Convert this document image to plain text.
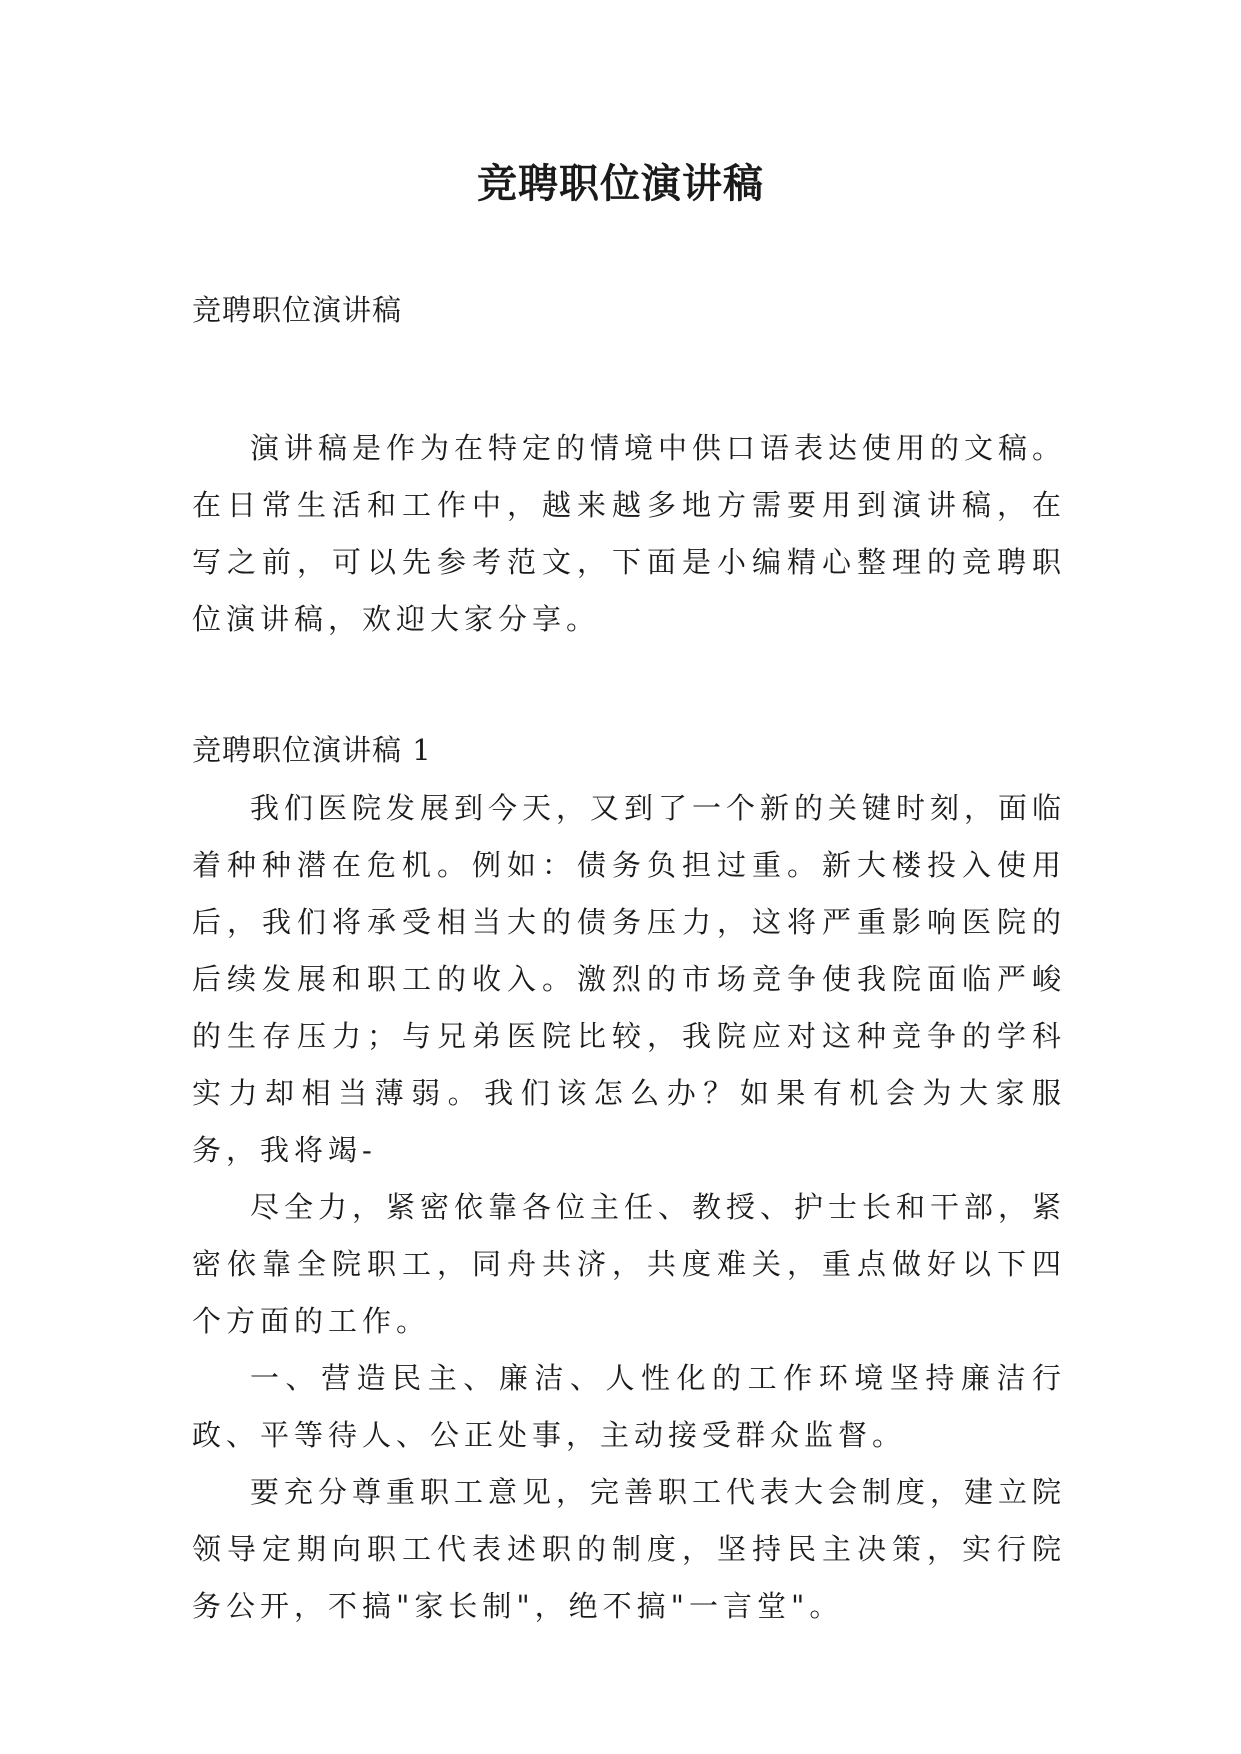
竞聘职位演讲稿

竞聘职位演讲稿

演讲稿是作为在特定的情境中供口语表达使用的文稿。在日常生活和工作中，越来越多地方需要用到演讲稿，在写之前，可以先参考范文，下面是小编精心整理的竞聘职位演讲稿，欢迎大家分享。

竞聘职位演讲稿 1

我们医院发展到今天，又到了一个新的关键时刻，面临着种种潜在危机。例如：债务负担过重。新大楼投入使用后，我们将承受相当大的债务压力，这将严重影响医院的后续发展和职工的收入。激烈的市场竞争使我院面临严峻的生存压力；与兄弟医院比较，我院应对这种竞争的学科实力却相当薄弱。我们该怎么办？如果有机会为大家服务，我将竭-

尽全力，紧密依靠各位主任、教授、护士长和干部，紧密依靠全院职工，同舟共济，共度难关，重点做好以下四个方面的工作。

一、营造民主、廉洁、人性化的工作环境坚持廉洁行政、平等待人、公正处事，主动接受群众监督。

要充分尊重职工意见，完善职工代表大会制度，建立院领导定期向职工代表述职的制度，坚持民主决策，实行院务公开，不搞"家长制"，绝不搞"一言堂"。
